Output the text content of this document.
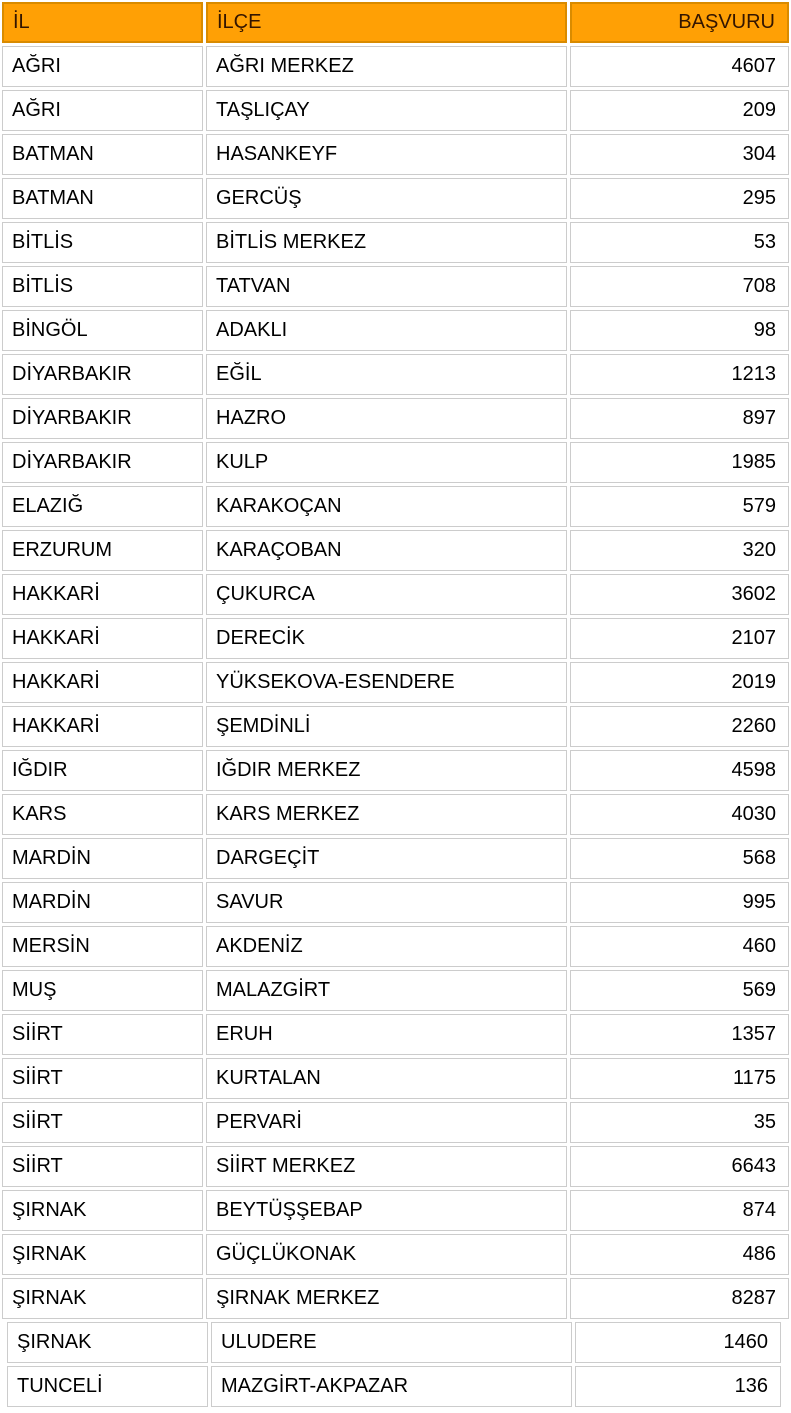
İL	İLÇE	BAŞVURU
AĞRI	AĞRI MERKEZ	4607
AĞRI	TAŞLIÇAY	209
BATMAN	HASANKEYF	304
BATMAN	GERCÜŞ	295
BİTLİS	BİTLİS MERKEZ	53
BİTLİS	TATVAN	708
BİNGÖL	ADAKLI	98
DİYARBAKIR	EĞİL	1213
DİYARBAKIR	HAZRO	897
DİYARBAKIR	KULP	1985
ELAZIĞ	KARAKOÇAN	579
ERZURUM	KARAÇOBAN	320
HAKKARİ	ÇUKURCA	3602
HAKKARİ	DERECİK	2107
HAKKARİ	YÜKSEKOVA-ESENDERE	2019
HAKKARİ	ŞEMDİNLİ	2260
IĞDIR	IĞDIR MERKEZ	4598
KARS	KARS MERKEZ	4030
MARDİN	DARGEÇİT	568
MARDİN	SAVUR	995
MERSİN	AKDENİZ	460
MUŞ	MALAZGİRT	569
SİİRT	ERUH	1357
SİİRT	KURTALAN	1175
SİİRT	PERVARİ	35
SİİRT	SİİRT MERKEZ	6643
ŞIRNAK	BEYTÜŞŞEBAP	874
ŞIRNAK	GÜÇLÜKONAK	486
ŞIRNAK	ŞIRNAK MERKEZ	8287
ŞIRNAK	ULUDERE	1460
TUNCELİ	MAZGİRT-AKPAZAR	136
